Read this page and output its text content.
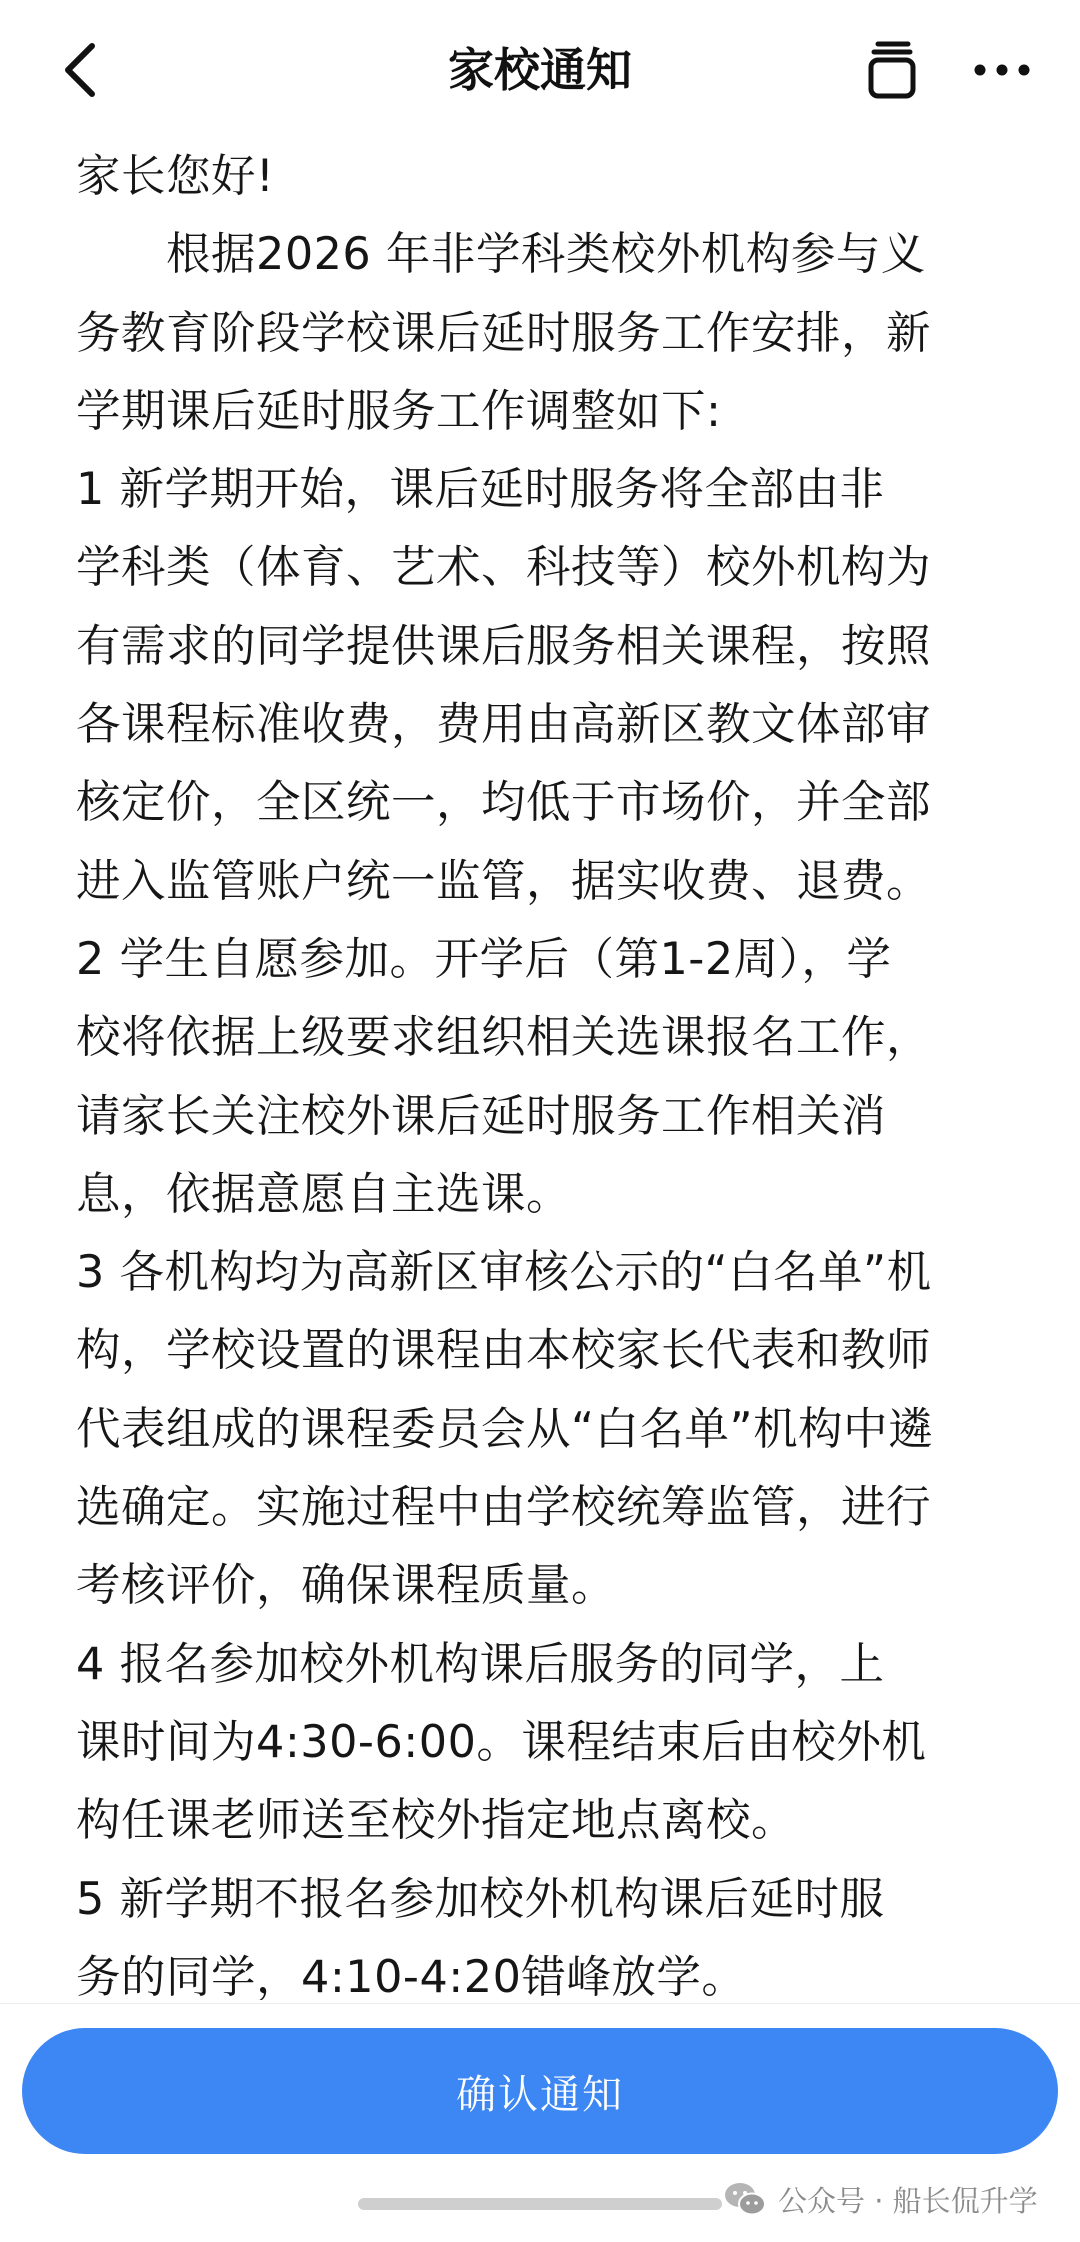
家校通知
家长您好!
　　根据2026 年非学科类校外机构参与义
务教育阶段学校课后延时服务工作安排，新
学期课后延时服务工作调整如下:
1 新学期开始，课后延时服务将全部由非
学科类（体育、艺术、科技等）校外机构为
有需求的同学提供课后服务相关课程，按照
各课程标准收费，费用由高新区教文体部审
核定价，全区统一，均低于市场价，并全部
进入监管账户统一监管，据实收费、退费。
2 学生自愿参加。开学后（第1-2周），学
校将依据上级要求组织相关选课报名工作，
请家长关注校外课后延时服务工作相关消
息，依据意愿自主选课。
3 各机构均为高新区审核公示的“白名单”机
构，学校设置的课程由本校家长代表和教师
代表组成的课程委员会从“白名单”机构中遴
选确定。实施过程中由学校统筹监管，进行
考核评价，确保课程质量。
4 报名参加校外机构课后服务的同学，上
课时间为4:30-6:00。课程结束后由校外机
构任课老师送至校外指定地点离校。
5 新学期不报名参加校外机构课后延时服
务的同学，4:10-4:20错峰放学。
确认通知
公众号 · 船长侃升学
